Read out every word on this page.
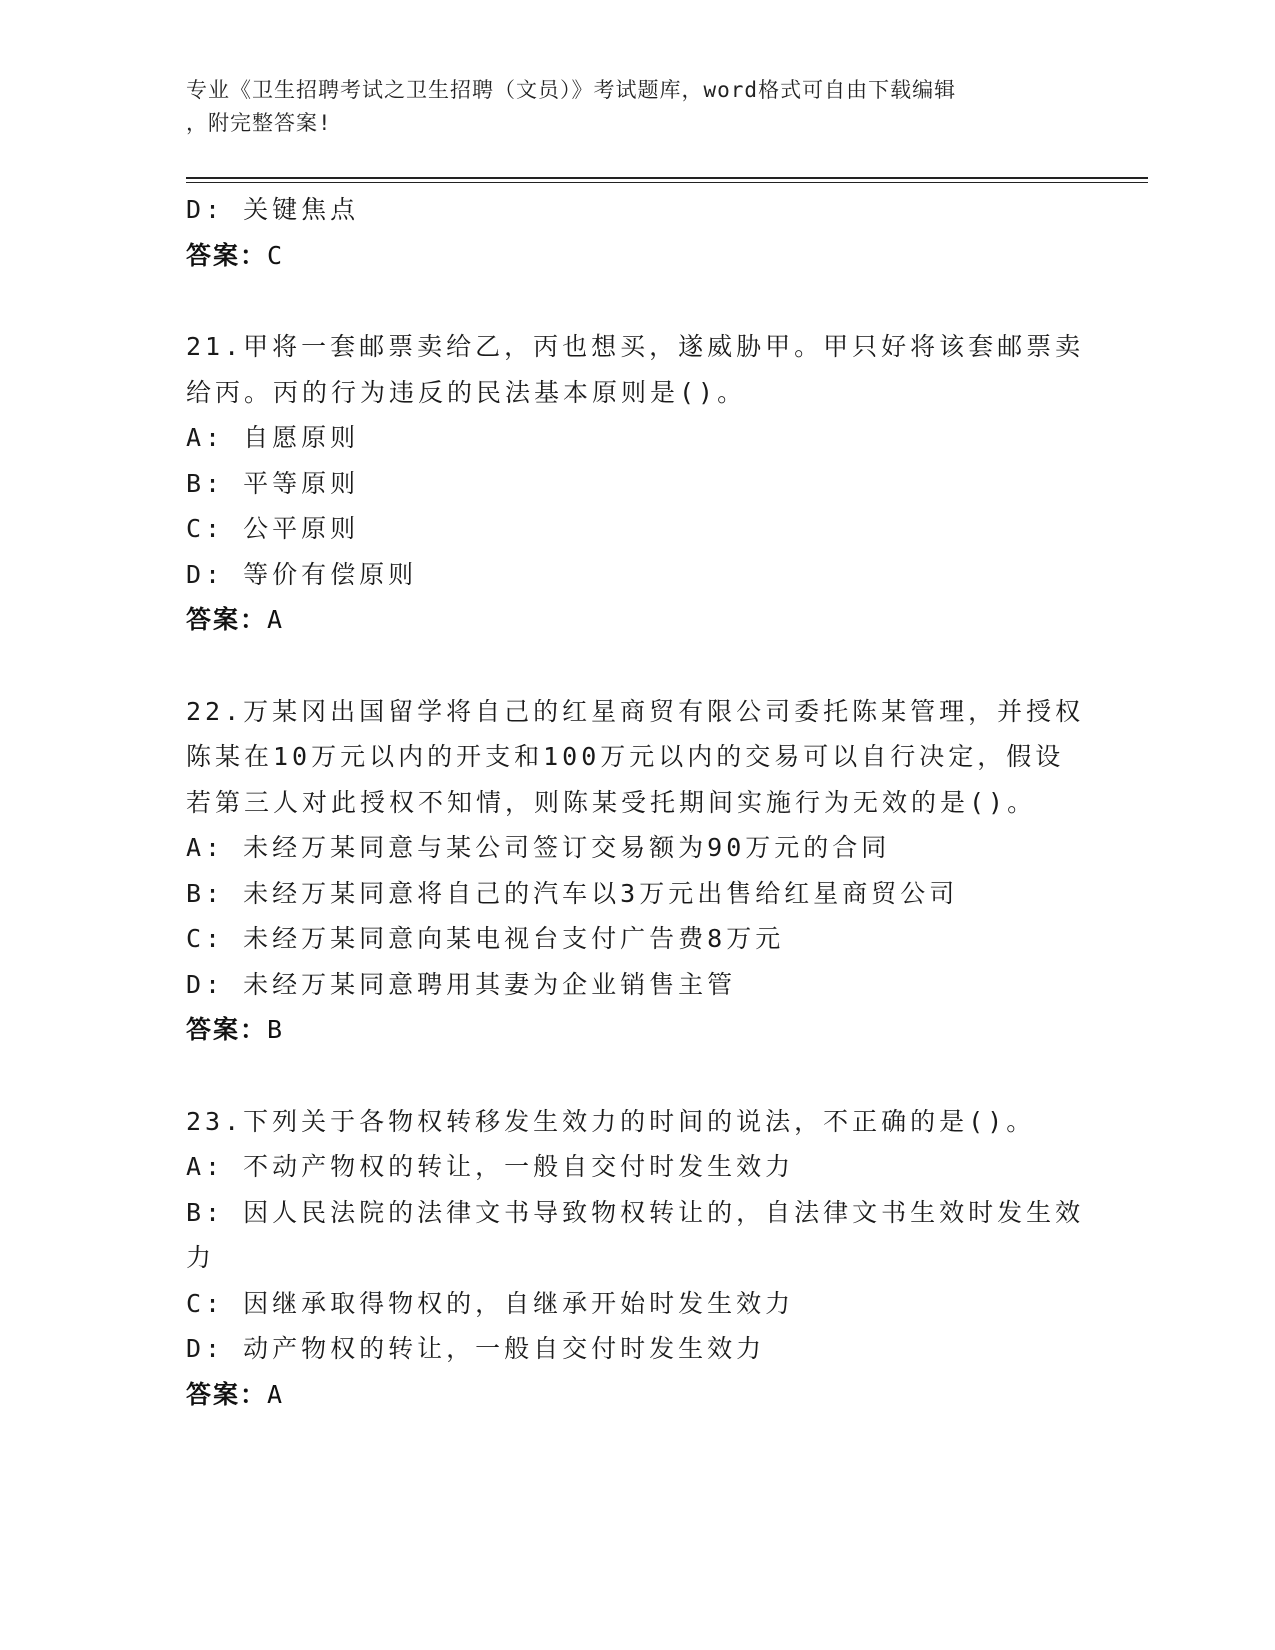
专业《卫生招聘考试之卫生招聘（文员）》考试题库，word格式可自由下载编辑
，附完整答案!
D: 关键焦点
答案：C
21.甲将一套邮票卖给乙，丙也想买，遂威胁甲。甲只好将该套邮票卖
给丙。丙的行为违反的民法基本原则是()。
A: 自愿原则
B: 平等原则
C: 公平原则
D: 等价有偿原则
答案：A
22.万某冈出国留学将自己的红星商贸有限公司委托陈某管理，并授权
陈某在10万元以内的开支和100万元以内的交易可以自行决定，假设
若第三人对此授权不知情，则陈某受托期间实施行为无效的是()。
A: 未经万某同意与某公司签订交易额为90万元的合同
B: 未经万某同意将自己的汽车以3万元出售给红星商贸公司
C: 未经万某同意向某电视台支付广告费8万元
D: 未经万某同意聘用其妻为企业销售主管
答案：B
23.下列关于各物权转移发生效力的时间的说法，不正确的是()。
A: 不动产物权的转让，一般自交付时发生效力
B: 因人民法院的法律文书导致物权转让的，自法律文书生效时发生效
力
C: 因继承取得物权的，自继承开始时发生效力
D: 动产物权的转让，一般自交付时发生效力
答案：A
